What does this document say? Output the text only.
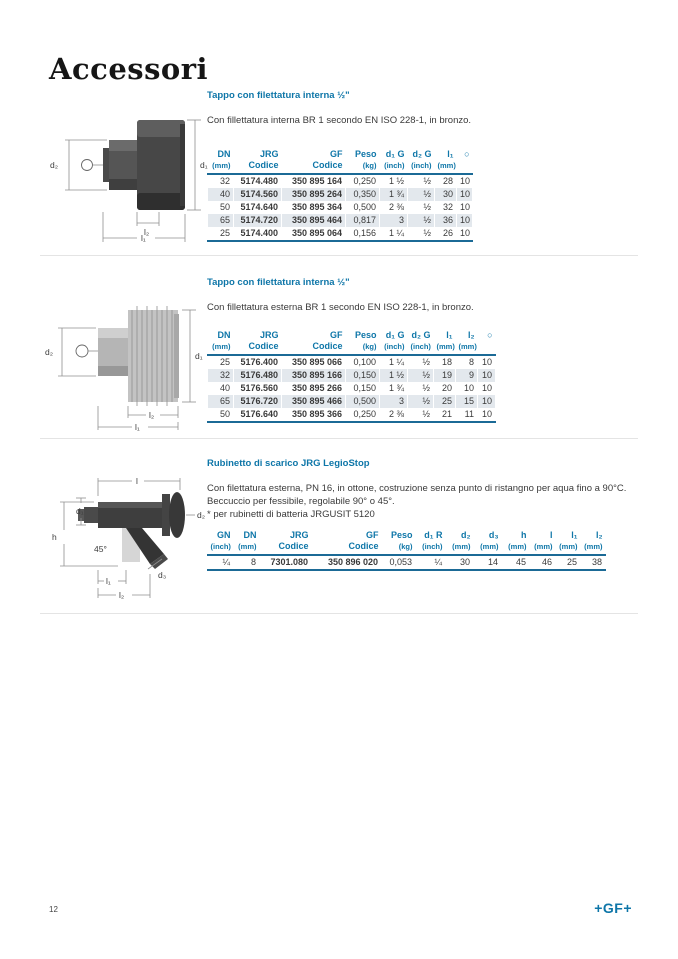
Accessori
d₂	d₁
l₂
l₁
Tappo con filettatura interna ½"
Con fillettatura interna BR 1 secondo EN ISO 228-1, in bronzo.
DN	JRG	GF	Peso	d₁ G	d₂ G	l₁	○
(mm)	Codice	Codice	(kg)	(inch)	(inch)	(mm)	
32	5174.480	350 895 164	0,250	1 ½	½	28	10
40	5174.560	350 895 264	0,350	1 ¾	½	30	10
50	5174.640	350 895 364	0,500	2 ⅜	½	32	10
65	5174.720	350 895 464	0,817	3	½	36	10
25	5174.400	350 895 064	0,156	1 ¼	½	26	10
d₂	d₁
l₂
l₁
Tappo con filettatura interna ½"
Con fillettatura esterna BR 1 secondo EN ISO 228-1, in bronzo.
DN	JRG	GF	Peso	d₁ G	d₂ G	l₁	l₂	○
(mm)	Codice	Codice	(kg)	(inch)	(inch)	(mm)	(mm)	
25	5176.400	350 895 066	0,100	1 ¼	½	18	8	10
32	5176.480	350 895 166	0,150	1 ½	½	19	9	10
40	5176.560	350 895 266	0,150	1 ¾	½	20	10	10
65	5176.720	350 895 466	0,500	3	½	25	15	10
50	5176.640	350 895 366	0,250	2 ⅜	½	21	11	10
l
d₁	d₂
h
45°
d₃
l₁
l₂
Rubinetto di scarico JRG LegioStop
Con filettatura esterna, PN 16, in ottone, costruzione senza punto di ristangno per aqua fino a 90°C. Beccuccio per fessibile, regolabile 90° o 45°.
* per rubinetti di batteria JRGUSIT 5120
GN	DN	JRG	GF	Peso	d₁ R	d₂	d₃	h	l	l₁	l₂
(inch)	(mm)	Codice	Codice	(kg)	(inch)	(mm)	(mm)	(mm)	(mm)	(mm)	(mm)
¼	8	7301.080	350 896 020	0,053	¼	30	14	45	46	25	38
12	+GF+
